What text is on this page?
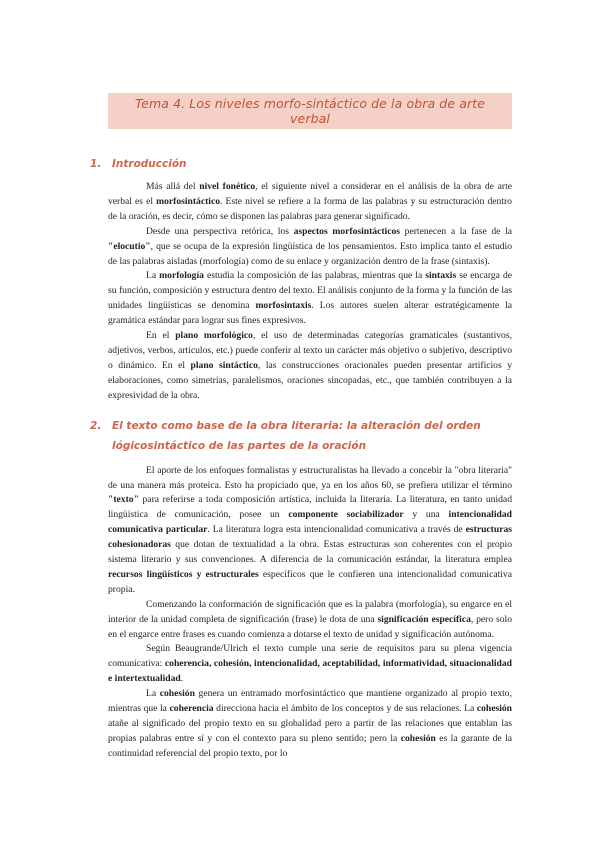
Tema 4. Los niveles morfo-sintáctico de la obra de arte verbal
1.	Introducción

Más allá del nivel fonético, el siguiente nivel a considerar en el análisis de la obra de arte verbal es el morfosintáctico. Este nivel se refiere a la forma de las palabras y su estructuración dentro de la oración, es decir, cómo se disponen las palabras para generar significado.

Desde una perspectiva retórica, los aspectos morfosintácticos pertenecen a la fase de la "elocutio", que se ocupa de la expresión lingüística de los pensamientos. Esto implica tanto el estudio de las palabras aisladas (morfología) como de su enlace y organización dentro de la frase (sintaxis).

La morfología estudia la composición de las palabras, mientras que la sintaxis se encarga de su función, composición y estructura dentro del texto. El análisis conjunto de la forma y la función de las unidades lingüísticas se denomina morfosintaxis. Los autores suelen alterar estratégicamente la gramática estándar para lograr sus fines expresivos.

En el plano morfológico, el uso de determinadas categorías gramaticales (sustantivos, adjetivos, verbos, artículos, etc.) puede conferir al texto un carácter más objetivo o subjetivo, descriptivo o dinámico. En el plano sintáctico, las construcciones oracionales pueden presentar artificios y elaboraciones, como simetrías, paralelismos, oraciones sincopadas, etc., que también contribuyen a la expresividad de la obra.

2.	El texto como base de la obra literaria: la alteración del orden lógicosintáctico de las partes de la oración

El aporte de los enfoques formalistas y estructuralistas ha llevado a concebir la "obra literaria" de una manera más proteica. Esto ha propiciado que, ya en los años 60, se prefiera utilizar el término "texto" para referirse a toda composición artística, incluida la literaria. La literatura, en tanto unidad lingüística de comunicación, posee un componente sociabilizador y una intencionalidad comunicativa particular. La literatura logra esta intencionalidad comunicativa a través de estructuras cohesionadoras que dotan de textualidad a la obra. Estas estructuras son coherentes con el propio sistema literario y sus convenciones. A diferencia de la comunicación estándar, la literatura emplea recursos lingüísticos y estructurales específicos que le confieren una intencionalidad comunicativa propia.

Comenzando la conformación de significación que es la palabra (morfología), su engarce en el interior de la unidad completa de significación (frase) le dota de una significación específica, pero solo en el engarce entre frases es cuando comienza a dotarse el texto de unidad y significación autónoma.

Según Beaugrande/Ulrich el texto cumple una serie de requisitos para su plena vigencia comunicativa: coherencia, cohesión, intencionalidad, aceptabilidad, informatividad, situacionalidad e intertextualidad.

La cohesión genera un entramado morfosintáctico que mantiene organizado al propio texto, mientras que la coherencia direcciona hacia el ámbito de los conceptos y de sus relaciones. La cohesión atañe al significado del propio texto en su globalidad pero a partir de las relaciones que entablan las propias palabras entre sí y con el contexto para su pleno sentido; pero la cohesión es la garante de la continuidad referencial del propio texto, por lo
